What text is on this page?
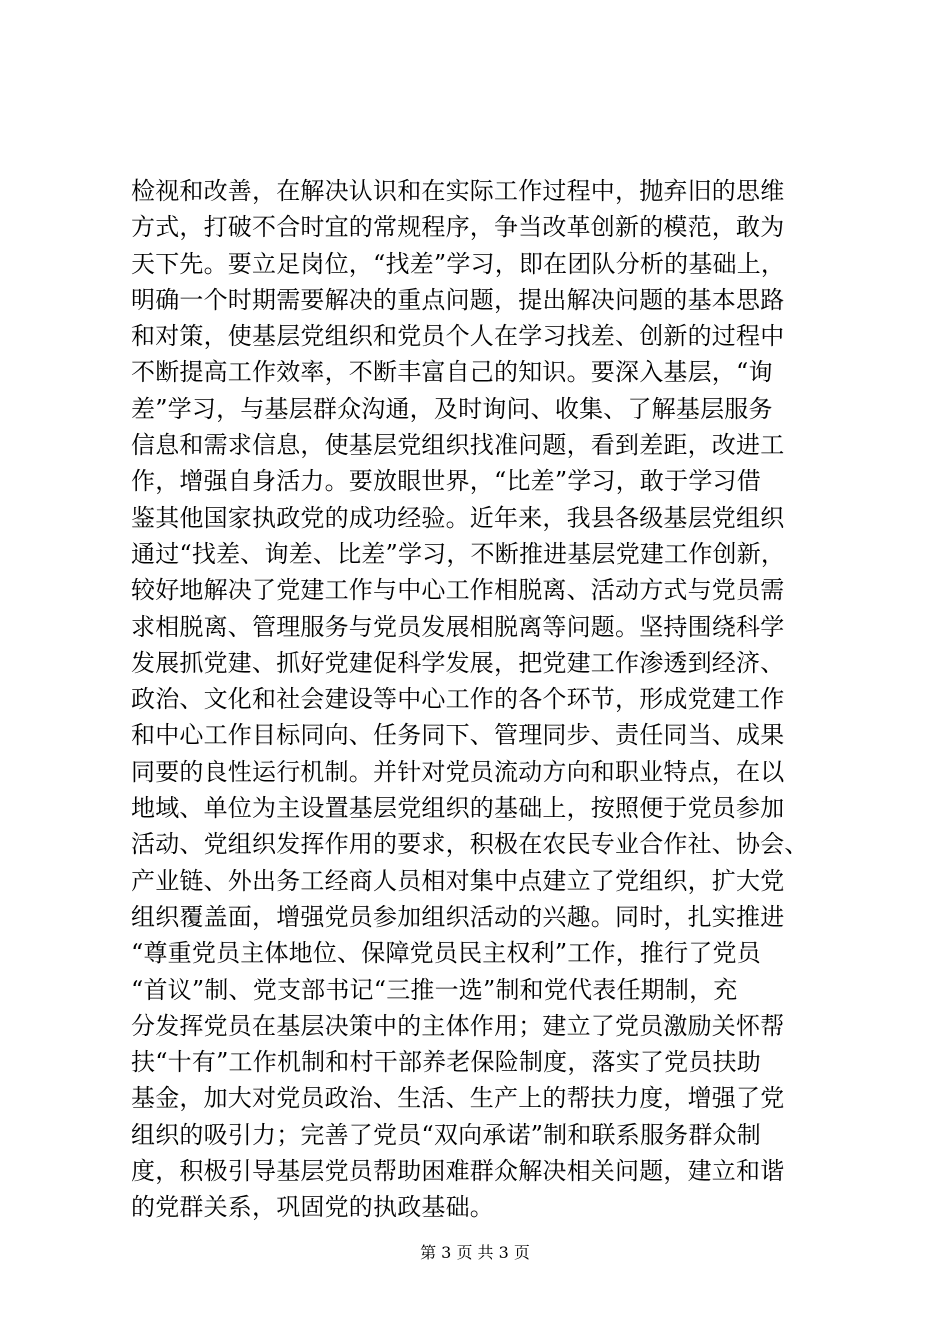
检视和改善，在解决认识和在实际工作过程中，抛弃旧的思维
方式，打破不合时宜的常规程序，争当改革创新的模范，敢为
天下先。要立足岗位，“找差”学习，即在团队分析的基础上，
明确一个时期需要解决的重点问题，提出解决问题的基本思路
和对策，使基层党组织和党员个人在学习找差、创新的过程中
不断提高工作效率，不断丰富自己的知识。要深入基层，“询
差”学习，与基层群众沟通，及时询问、收集、了解基层服务
信息和需求信息，使基层党组织找准问题，看到差距，改进工
作，增强自身活力。要放眼世界，“比差”学习，敢于学习借
鉴其他国家执政党的成功经验。近年来，我县各级基层党组织
通过“找差、询差、比差”学习，不断推进基层党建工作创新，
较好地解决了党建工作与中心工作相脱离、活动方式与党员需
求相脱离、管理服务与党员发展相脱离等问题。坚持围绕科学
发展抓党建、抓好党建促科学发展，把党建工作渗透到经济、
政治、文化和社会建设等中心工作的各个环节，形成党建工作
和中心工作目标同向、任务同下、管理同步、责任同当、成果
同要的良性运行机制。并针对党员流动方向和职业特点，在以
地域、单位为主设置基层党组织的基础上，按照便于党员参加
活动、党组织发挥作用的要求，积极在农民专业合作社、协会、
产业链、外出务工经商人员相对集中点建立了党组织，扩大党
组织覆盖面，增强党员参加组织活动的兴趣。同时，扎实推进
“尊重党员主体地位、保障党员民主权利”工作，推行了党员
“首议”制、党支部书记“三推一选”制和党代表任期制，充
分发挥党员在基层决策中的主体作用；建立了党员激励关怀帮
扶“十有”工作机制和村干部养老保险制度，落实了党员扶助
基金，加大对党员政治、生活、生产上的帮扶力度，增强了党
组织的吸引力；完善了党员“双向承诺”制和联系服务群众制
度，积极引导基层党员帮助困难群众解决相关问题，建立和谐
的党群关系，巩固党的执政基础。
第 3 页 共 3 页
